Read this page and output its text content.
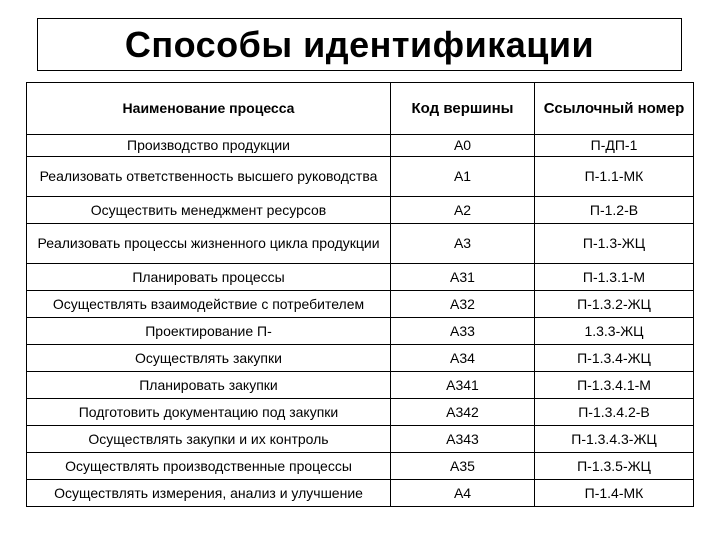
Способы идентификации
Наименование процесса	Код вершины	Ссылочный номер
Производство продукции	А0	П-ДП-1
Реализовать ответственность высшего руководства	А1	П-1.1-МК
Осуществить менеджмент ресурсов	А2	П-1.2-В
Реализовать процессы жизненного цикла продукции	А3	П-1.3-ЖЦ
Планировать процессы	А31	П-1.3.1-М
Осуществлять взаимодействие с потребителем	А32	П-1.3.2-ЖЦ
Проектирование П-	А33	1.3.3-ЖЦ
Осуществлять закупки	А34	П-1.3.4-ЖЦ
Планировать закупки	А341	П-1.3.4.1-М
Подготовить документацию под закупки	А342	П-1.3.4.2-В
Осуществлять закупки и их контроль	А343	П-1.3.4.3-ЖЦ
Осуществлять производственные процессы	А35	П-1.3.5-ЖЦ
Осуществлять измерения, анализ и улучшение	А4	П-1.4-МК
